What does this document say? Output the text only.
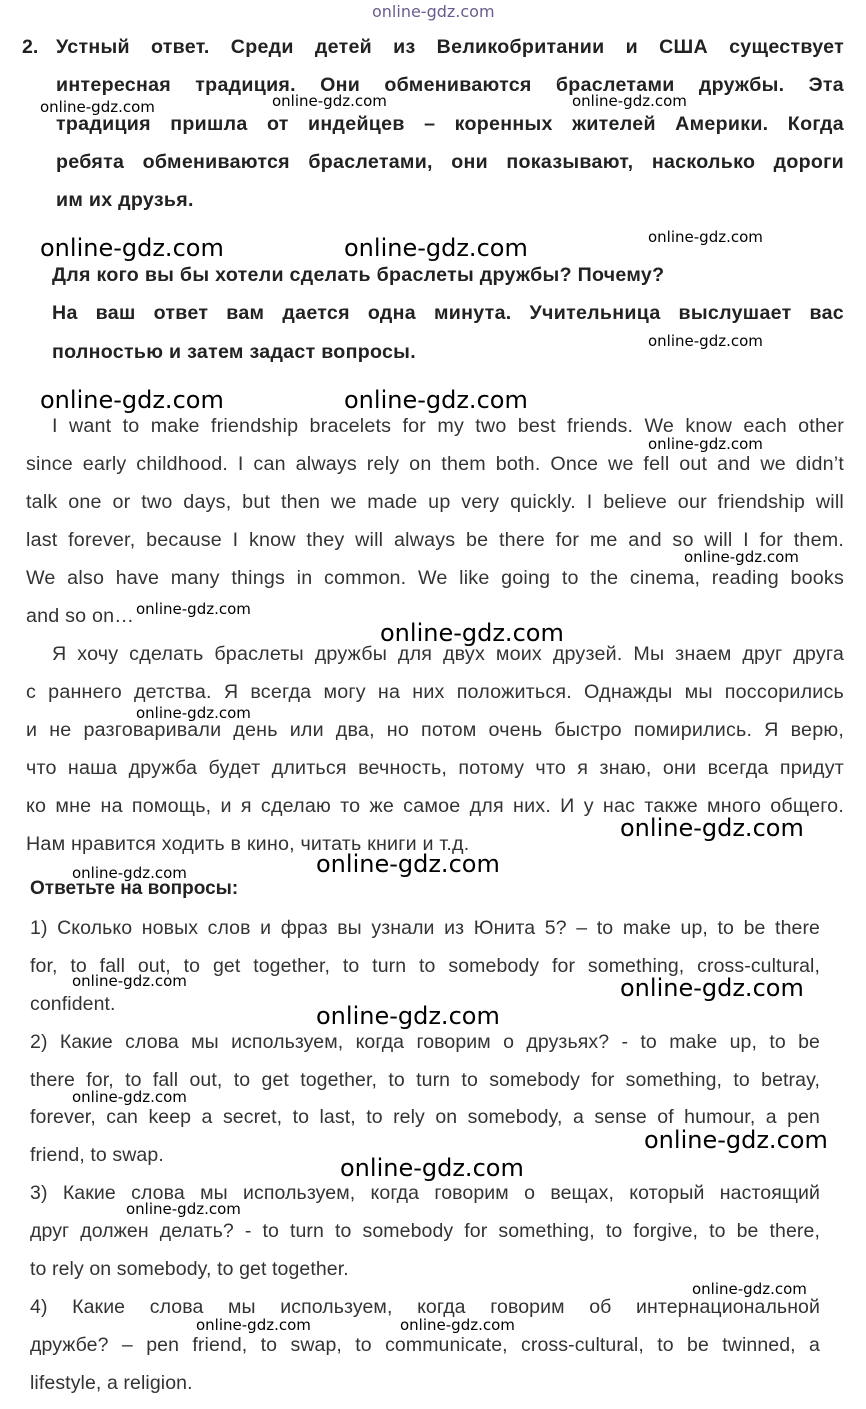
online-gdz.com
2. Устный ответ. Среди детей из Великобритании и США существует
интересная традиция. Они обмениваются браслетами дружбы. Эта
традиция пришла от индейцев – коренных жителей Америки. Когда
ребята обмениваются браслетами, они показывают, насколько дороги
им их друзья.
Для кого вы бы хотели сделать браслеты дружбы? Почему?
На ваш ответ вам дается одна минута. Учительница выслушает вас
полностью и затем задаст вопросы.
I want to make friendship bracelets for my two best friends. We know each other
since early childhood. I can always rely on them both. Once we fell out and we didn’t
talk one or two days, but then we made up very quickly. I believe our friendship will
last forever, because I know they will always be there for me and so will I for them.
We also have many things in common. We like going to the cinema, reading books
and so on…
Я хочу сделать браслеты дружбы для двух моих друзей. Мы знаем друг друга
с раннего детства. Я всегда могу на них положиться. Однажды мы поссорились
и не разговаривали день или два, но потом очень быстро помирились. Я верю,
что наша дружба будет длиться вечность, потому что я знаю, они всегда придут
ко мне на помощь, и я сделаю то же самое для них. И у нас также много общего.
Нам нравится ходить в кино, читать книги и т.д.
Ответьте на вопросы:
1) Сколько новых слов и фраз вы узнали из Юнита 5? – to make up, to be there
for, to fall out, to get together, to turn to somebody for something, cross-cultural,
confident.
2) Какие слова мы используем, когда говорим о друзьях? - to make up, to be
there for, to fall out, to get together, to turn to somebody for something, to betray,
forever, can keep a secret, to last, to rely on somebody, a sense of humour, a pen
friend, to swap.
3) Какие слова мы используем, когда говорим о вещах, который настоящий
друг должен делать? - to turn to somebody for something, to forgive, to be there,
to rely on somebody, to get together.
4) Какие слова мы используем, когда говорим об интернациональной
дружбе? – pen friend, to swap, to communicate, cross-cultural, to be twinned, a
lifestyle, a religion.
online-gdz.com	online-gdz.com	online-gdz.com
online-gdz.com	online-gdz.com	online-gdz.com
online-gdz.com
online-gdz.com	online-gdz.com
online-gdz.com
online-gdz.com
online-gdz.com
online-gdz.com
online-gdz.com
online-gdz.com
online-gdz.com
online-gdz.com
online-gdz.com	online-gdz.com
online-gdz.com
online-gdz.com
online-gdz.com
online-gdz.com
online-gdz.com
online-gdz.com
online-gdz.com	online-gdz.com
